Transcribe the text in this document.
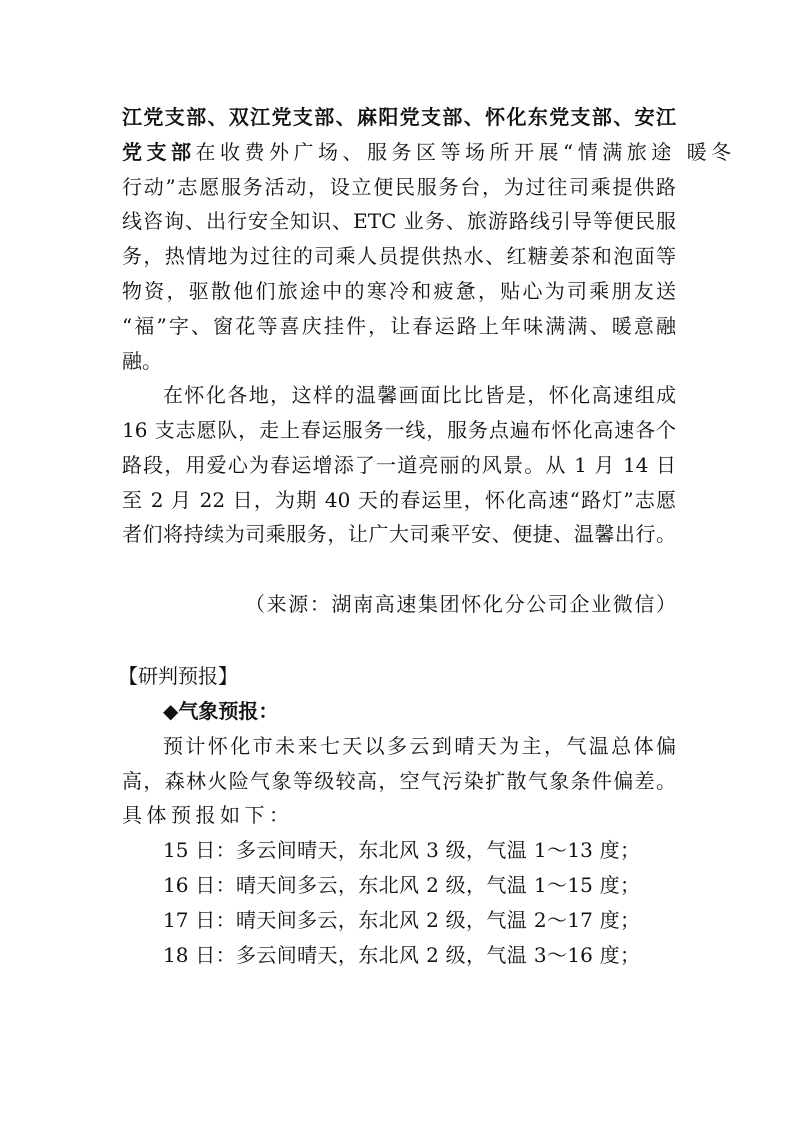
江党支部、双江党支部、麻阳党支部、怀化东党支部、安江
党支部在收费外广场、服务区等场所开展“情满旅途 暖冬
行动”志愿服务活动，设立便民服务台，为过往司乘提供路
线咨询、出行安全知识、ETC 业务、旅游路线引导等便民服
务，热情地为过往的司乘人员提供热水、红糖姜茶和泡面等
物资，驱散他们旅途中的寒冷和疲惫，贴心为司乘朋友送
“福”字、窗花等喜庆挂件，让春运路上年味满满、暖意融
融。
在怀化各地，这样的温馨画面比比皆是，怀化高速组成
16 支志愿队，走上春运服务一线，服务点遍布怀化高速各个
路段，用爱心为春运增添了一道亮丽的风景。从 1 月 14 日
至 2 月 22 日，为期 40 天的春运里，怀化高速“路灯”志愿
者们将持续为司乘服务，让广大司乘平安、便捷、温馨出行。
（来源：湖南高速集团怀化分公司企业微信）
【研判预报】
◆气象预报：
预计怀化市未来七天以多云到晴天为主，气温总体偏
高，森林火险气象等级较高，空气污染扩散气象条件偏差。
具体预报如下：
15 日：多云间晴天，东北风 3 级，气温 1～13 度；
16 日：晴天间多云，东北风 2 级，气温 1～15 度；
17 日：晴天间多云，东北风 2 级，气温 2～17 度；
18 日：多云间晴天，东北风 2 级，气温 3～16 度；
